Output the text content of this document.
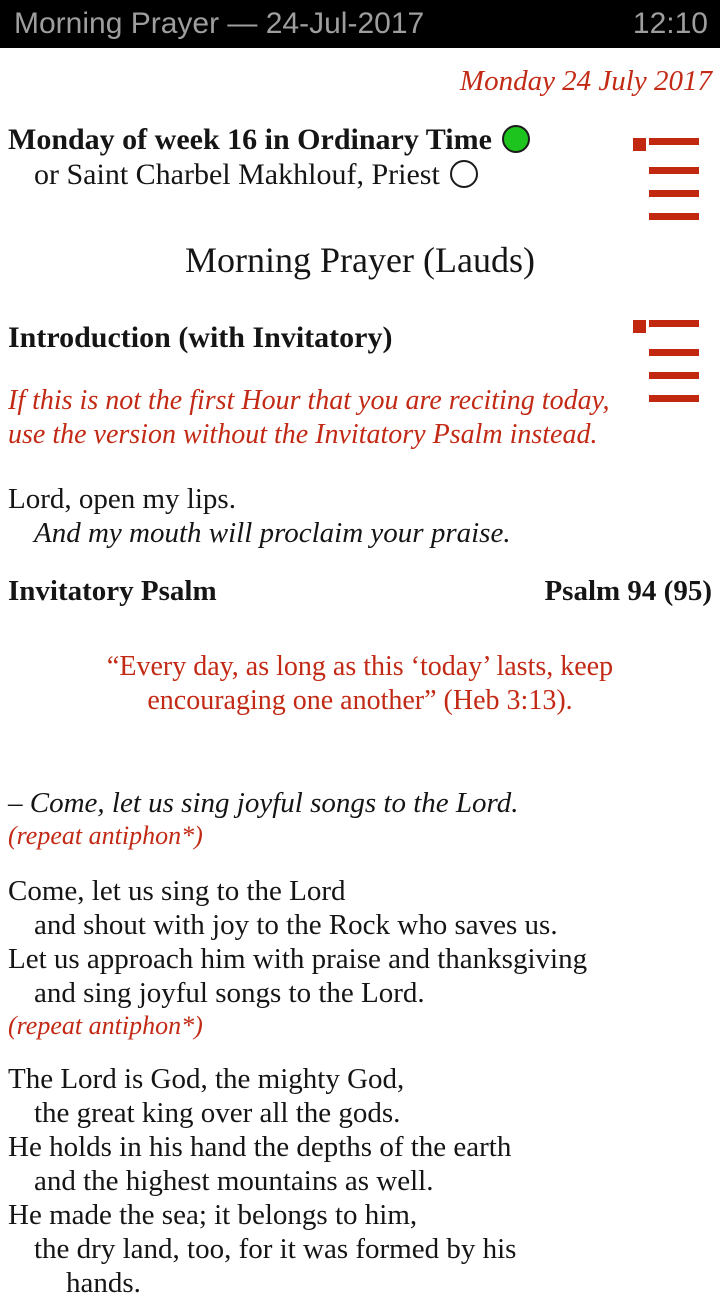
Morning Prayer — 24-Jul-2017	12:10
Monday 24 July 2017
Monday of week 16 in Ordinary Time
or Saint Charbel Makhlouf, Priest
Morning Prayer (Lauds)
Introduction (with Invitatory)
If this is not the first Hour that you are reciting today,
use the version without the Invitatory Psalm instead.
Lord, open my lips.
And my mouth will proclaim your praise.
Invitatory Psalm	Psalm 94 (95)
“Every day, as long as this ‘today’ lasts, keep
encouraging one another” (Heb 3:13).
– Come, let us sing joyful songs to the Lord.
(repeat antiphon*)
Come, let us sing to the Lord
and shout with joy to the Rock who saves us.
Let us approach him with praise and thanksgiving
and sing joyful songs to the Lord.
(repeat antiphon*)
The Lord is God, the mighty God,
the great king over all the gods.
He holds in his hand the depths of the earth
and the highest mountains as well.
He made the sea; it belongs to him,
the dry land, too, for it was formed by his
hands.
